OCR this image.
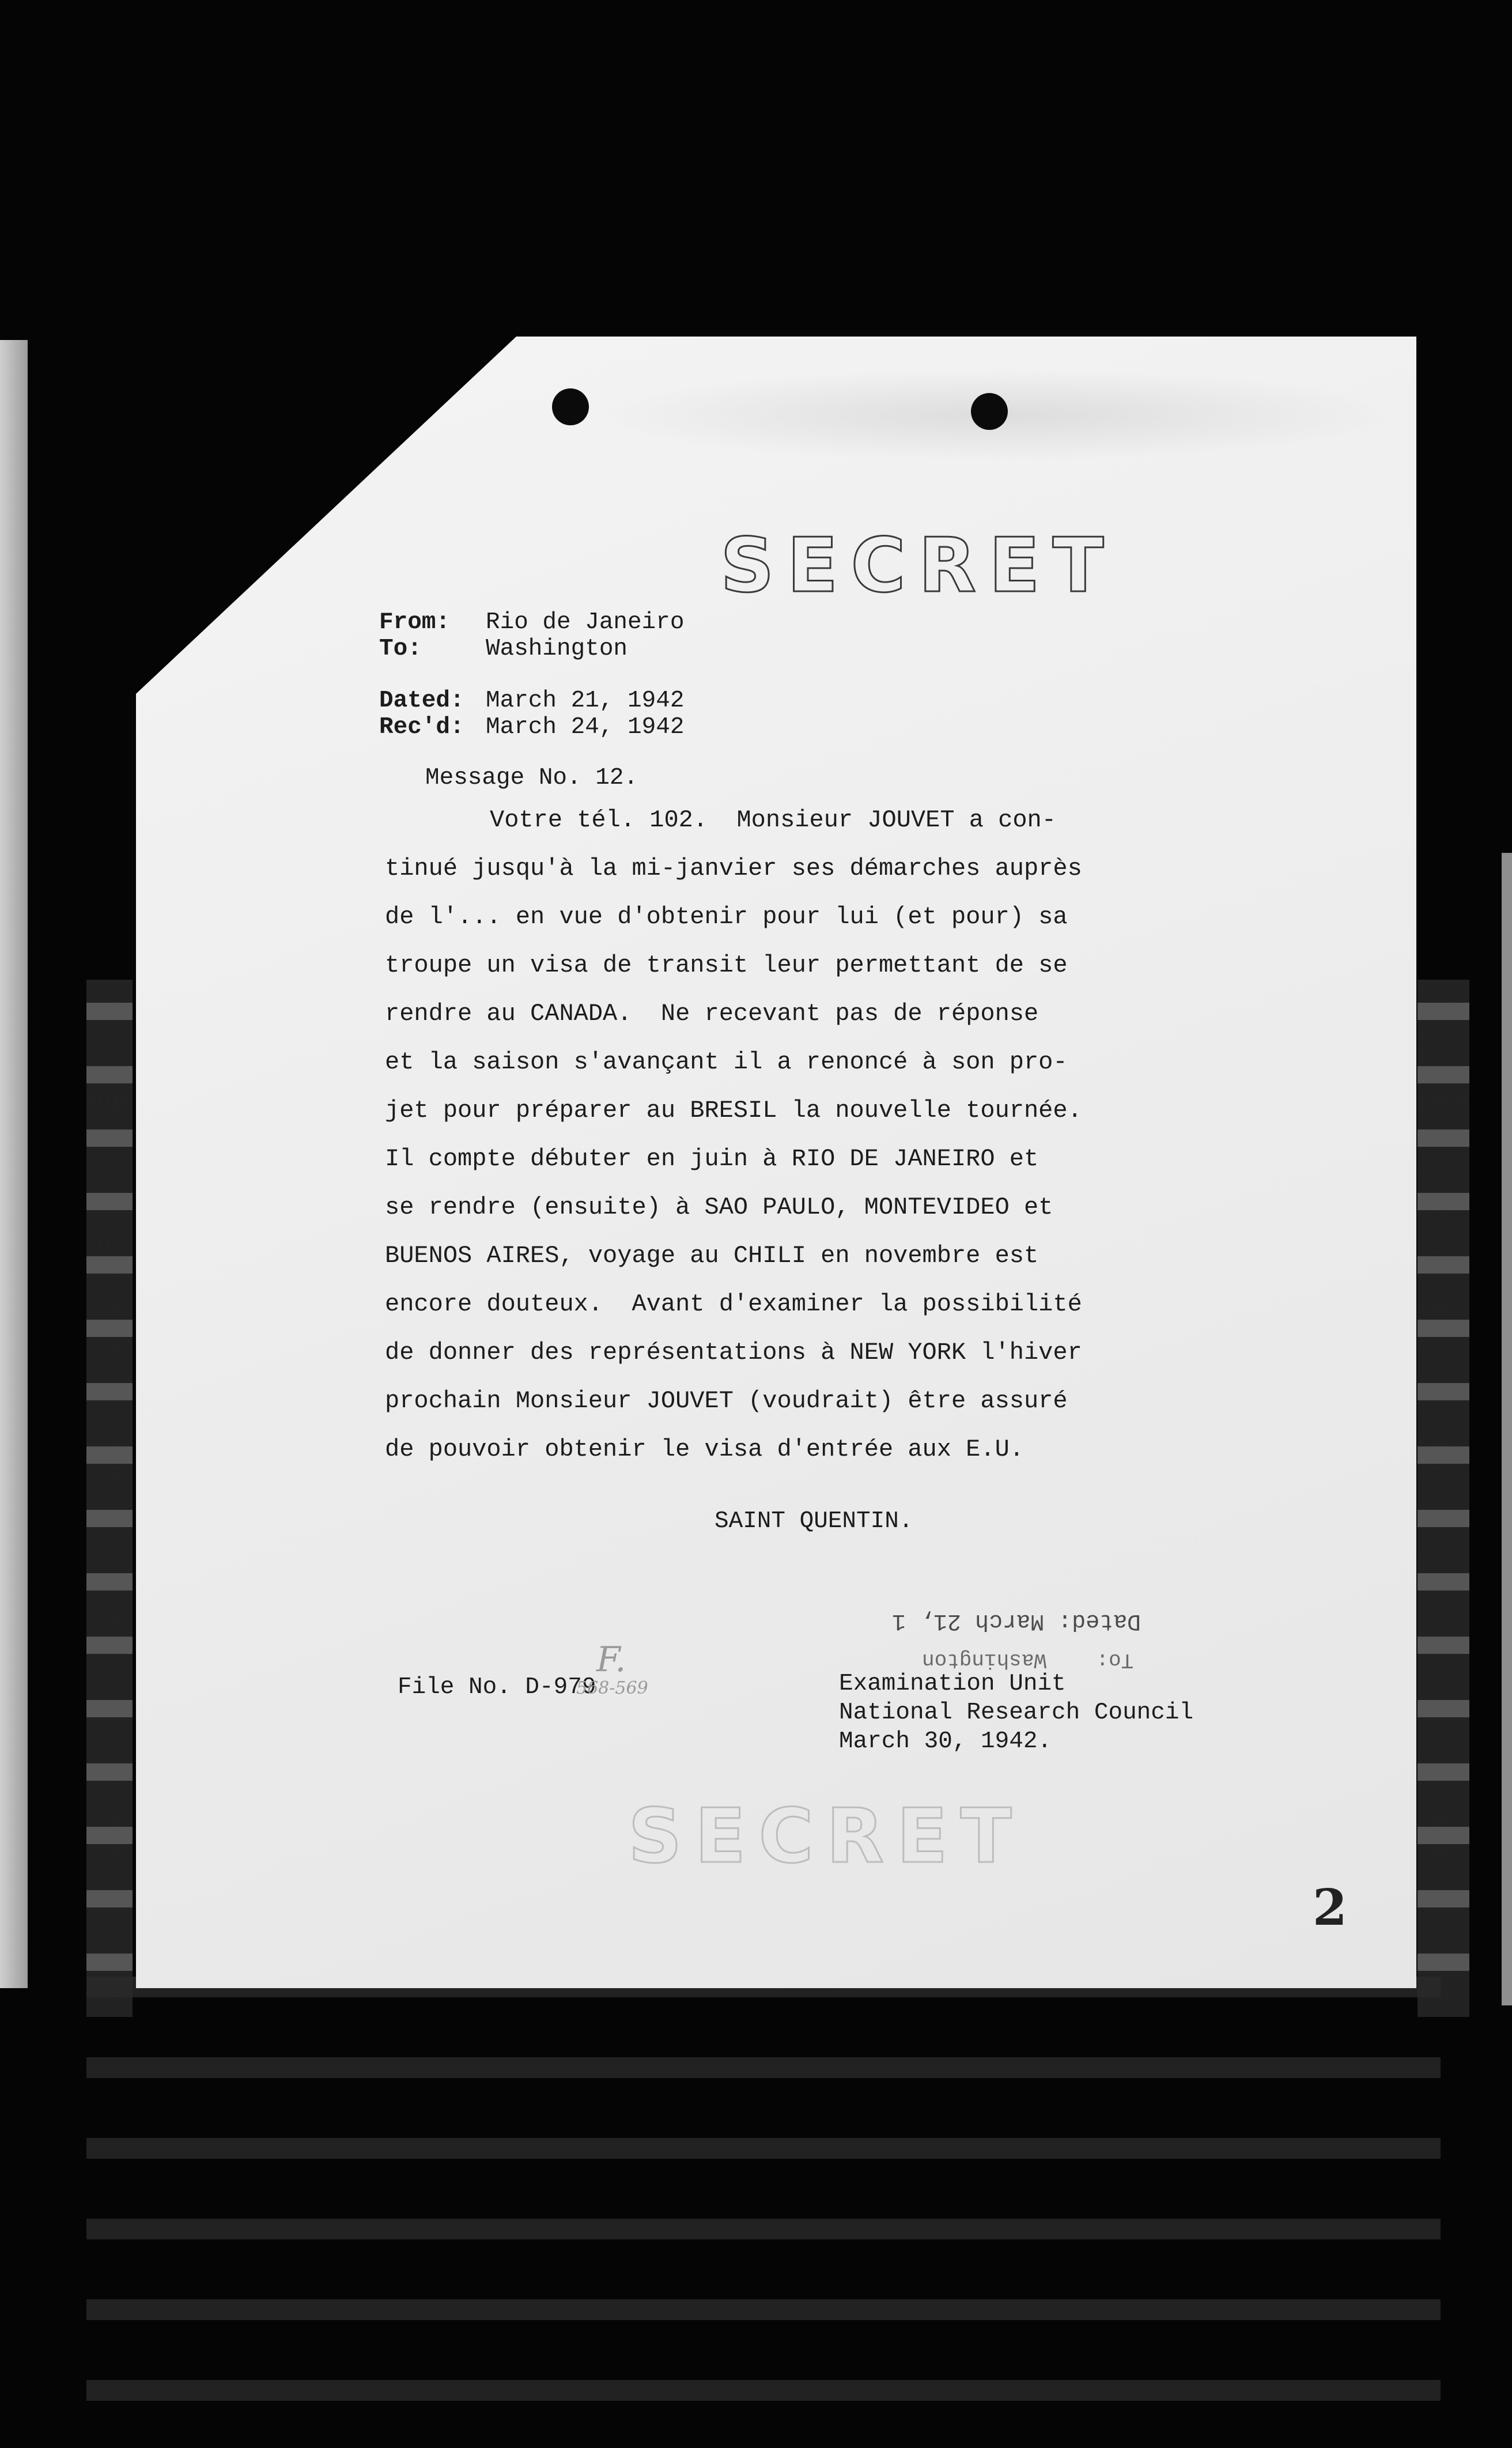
SECRET
From: Rio de Janeiro
To:	Washington
Dated: March 21, 1942
Rec'd: March 24, 1942
Message No. 12.
Votre tél. 102.  Monsieur JOUVET a con-
tinué jusqu'à la mi-janvier ses démarches auprès
de l'... en vue d'obtenir pour lui (et pour) sa
troupe un visa de transit leur permettant de se
rendre au CANADA.  Ne recevant pas de réponse
et la saison s'avançant il a renoncé à son pro-
jet pour préparer au BRESIL la nouvelle tournée.
Il compte débuter en juin à RIO DE JANEIRO et
se rendre (ensuite) à SAO PAULO, MONTEVIDEO et
BUENOS AIRES, voyage au CHILI en novembre est
encore douteux.  Avant d'examiner la possibilité
de donner des représentations à NEW YORK l'hiver
prochain Monsieur JOUVET (voudrait) être assuré
de pouvoir obtenir le visa d'entrée aux E.U.
SAINT QUENTIN.
Dated: March 21, 1
To:    Washington
File No. D-979
F.
568-569	Examination Unit
National Research Council
March 30, 1942.
SECRET
2
